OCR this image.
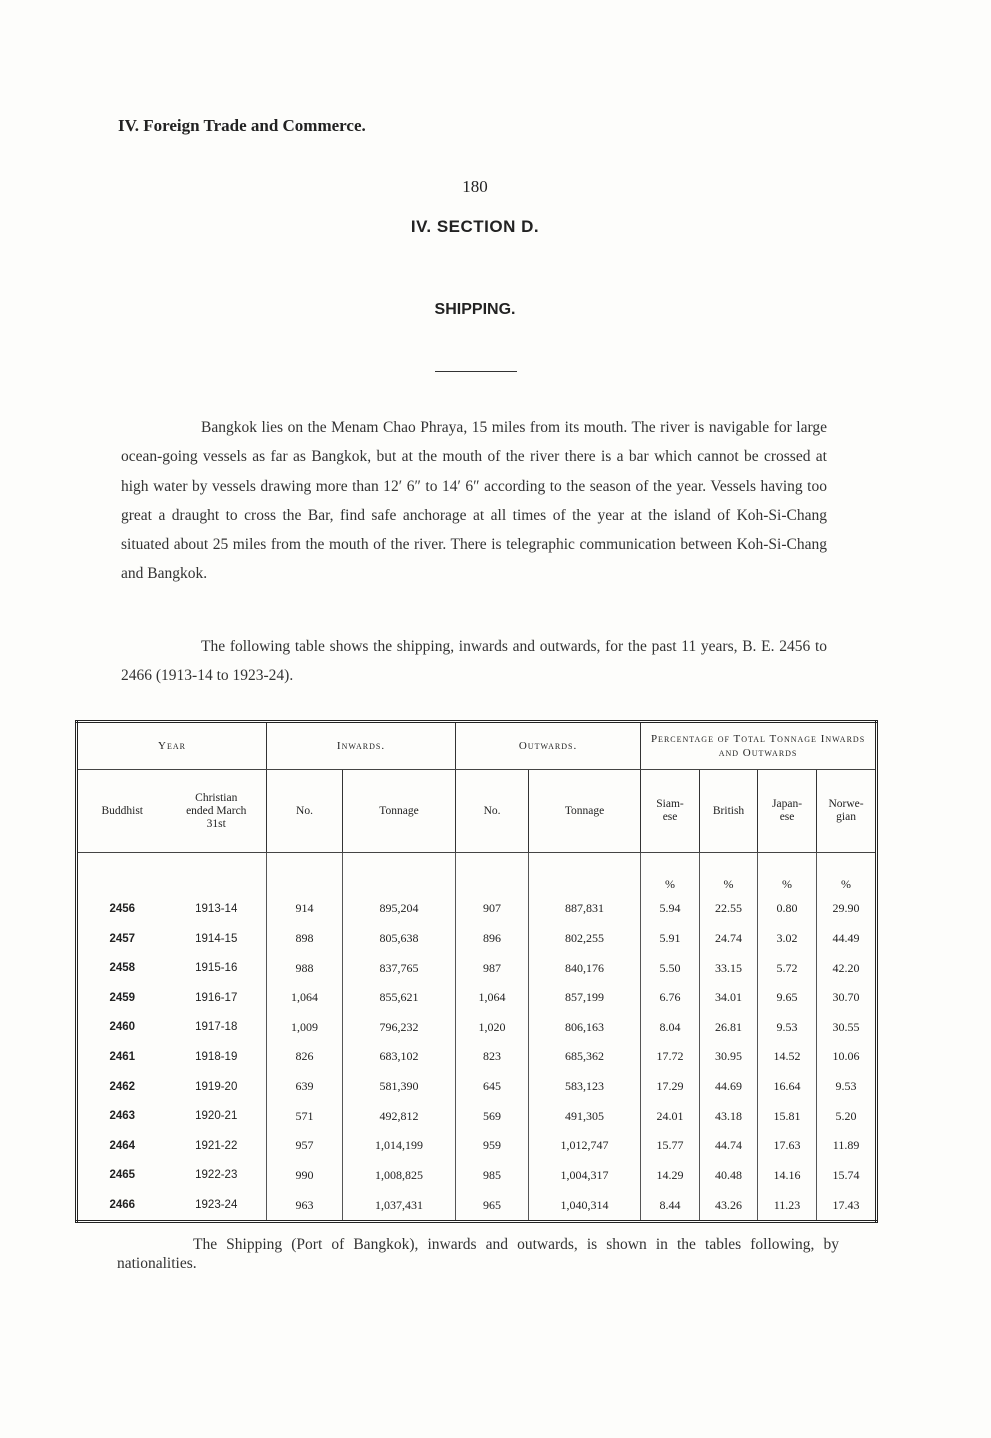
IV. Foreign Trade and Commerce.
180
IV. SECTION D.
SHIPPING.
Bangkok lies on the Menam Chao Phraya, 15 miles from its mouth. The river is navigable for large ocean-going vessels as far as Bangkok, but at the mouth of the river there is a bar which cannot be crossed at high water by vessels drawing more than 12′ 6″ to 14′ 6″ according to the season of the year. Vessels having too great a draught to cross the Bar, find safe anchorage at all times of the year at the island of Koh-Si-Chang situated about 25 miles from the mouth of the river. There is telegraphic communication between Koh-Si-Chang and Bangkok.
The following table shows the shipping, inwards and outwards, for the past 11 years, B. E. 2456 to 2466 (1913-14 to 1923-24).
Year		Inwards.		Outwards.		Percentage of Total Tonnage Inwards and Outwards			
Buddhist	Christian ended March 31st	No.	Tonnage	No.	Tonnage	Siam-ese	British	Japan-ese	Norwe-gian
						%	%	%	%
2456	1913-14	914	895,204	907	887,831	5.94	22.55	0.80	29.90
2457	1914-15	898	805,638	896	802,255	5.91	24.74	3.02	44.49
2458	1915-16	988	837,765	987	840,176	5.50	33.15	5.72	42.20
2459	1916-17	1,064	855,621	1,064	857,199	6.76	34.01	9.65	30.70
2460	1917-18	1,009	796,232	1,020	806,163	8.04	26.81	9.53	30.55
2461	1918-19	826	683,102	823	685,362	17.72	30.95	14.52	10.06
2462	1919-20	639	581,390	645	583,123	17.29	44.69	16.64	9.53
2463	1920-21	571	492,812	569	491,305	24.01	43.18	15.81	5.20
2464	1921-22	957	1,014,199	959	1,012,747	15.77	44.74	17.63	11.89
2465	1922-23	990	1,008,825	985	1,004,317	14.29	40.48	14.16	15.74
2466	1923-24	963	1,037,431	965	1,040,314	8.44	43.26	11.23	17.43
The Shipping (Port of Bangkok), inwards and outwards, is shown in the tables following, by nationalities.
